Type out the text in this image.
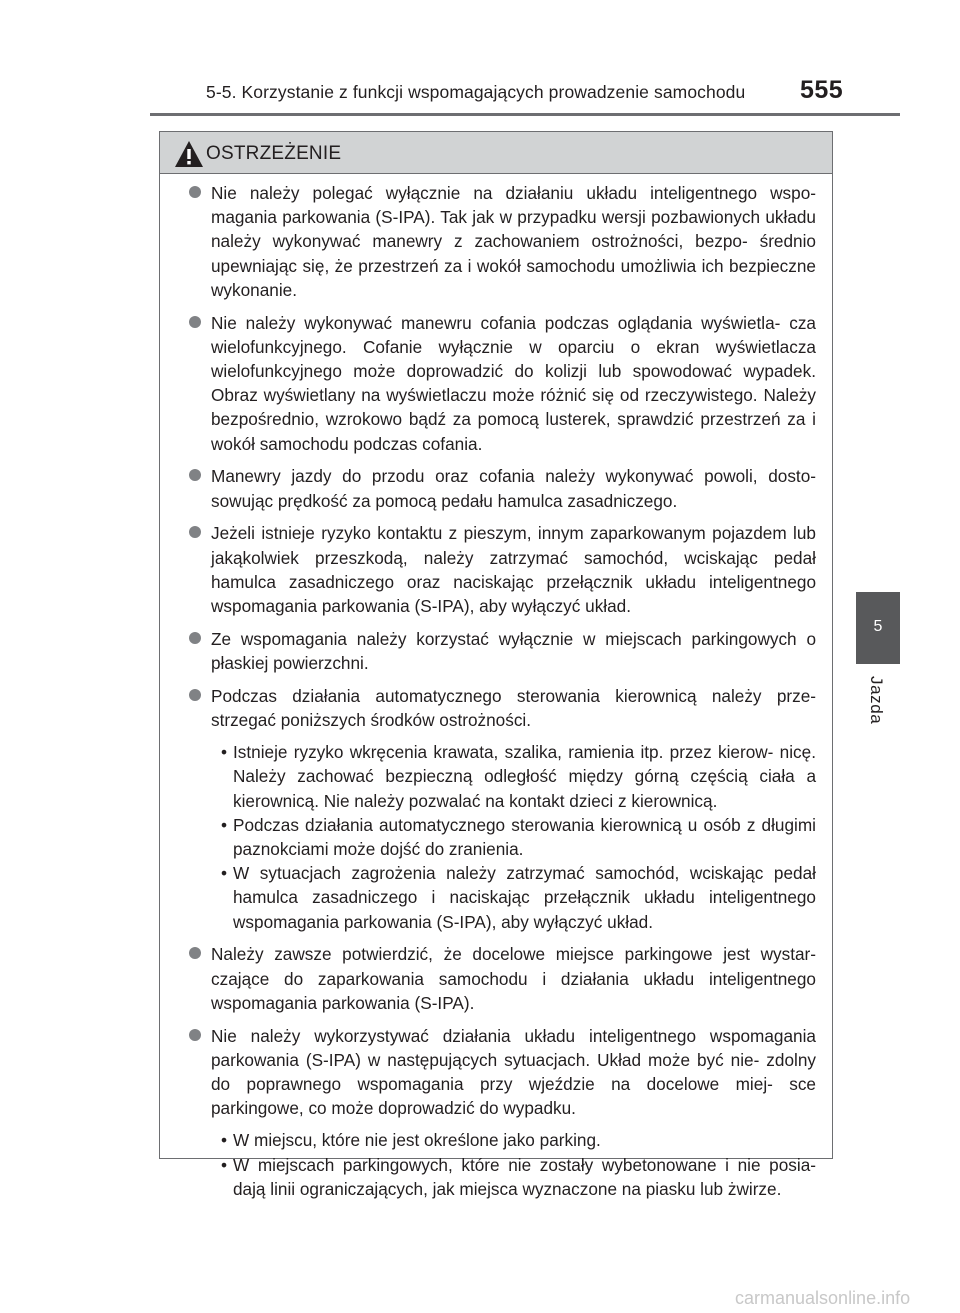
5-5. Korzystanie z funkcji wspomagających prowadzenie samochodu 555
OSTRZEŻENIE
Nie należy polegać wyłącznie na działaniu układu inteligentnego wspo- magania parkowania (S-IPA). Tak jak w przypadku wersji pozbawionych układu należy wykonywać manewry z zachowaniem ostrożności, bezpo- średnio upewniając się, że przestrzeń za i wokół samochodu umożliwia ich bezpieczne wykonanie.
Nie należy wykonywać manewru cofania podczas oglądania wyświetla- cza wielofunkcyjnego. Cofanie wyłącznie w oparciu o ekran wyświetlacza wielofunkcyjnego może doprowadzić do kolizji lub spowodować wypadek. Obraz wyświetlany na wyświetlaczu może różnić się od rzeczywistego. Należy bezpośrednio, wzrokowo bądź za pomocą lusterek, sprawdzić przestrzeń za i wokół samochodu podczas cofania.
Manewry jazdy do przodu oraz cofania należy wykonywać powoli, dosto- sowując prędkość za pomocą pedału hamulca zasadniczego.
Jeżeli istnieje ryzyko kontaktu z pieszym, innym zaparkowanym pojazdem lub jakąkolwiek przeszkodą, należy zatrzymać samochód, wciskając pedał hamulca zasadniczego oraz naciskając przełącznik układu inteligentnego wspomagania parkowania (S-IPA), aby wyłączyć układ.
Ze wspomagania należy korzystać wyłącznie w miejscach parkingowych o płaskiej powierzchni.
Podczas działania automatycznego sterowania kierownicą należy prze- strzegać poniższych środków ostrożności.
• Istnieje ryzyko wkręcenia krawata, szalika, ramienia itp. przez kierow- nicę. Należy zachować bezpieczną odległość między górną częścią ciała a kierownicą. Nie należy pozwalać na kontakt dzieci z kierownicą.
• Podczas działania automatycznego sterowania kierownicą u osób z długimi paznokciami może dojść do zranienia.
• W sytuacjach zagrożenia należy zatrzymać samochód, wciskając pedał hamulca zasadniczego i naciskając przełącznik układu inteligentnego wspomagania parkowania (S-IPA), aby wyłączyć układ.
Należy zawsze potwierdzić, że docelowe miejsce parkingowe jest wystar- czające do zaparkowania samochodu i działania układu inteligentnego wspomagania parkowania (S-IPA).
Nie należy wykorzystywać działania układu inteligentnego wspomagania parkowania (S-IPA) w następujących sytuacjach. Układ może być nie- zdolny do poprawnego wspomagania przy wjeździe na docelowe miej- sce parkingowe, co może doprowadzić do wypadku.
• W miejscu, które nie jest określone jako parking.
• W miejscach parkingowych, które nie zostały wybetonowane i nie posia- dają linii ograniczających, jak miejsca wyznaczone na piasku lub żwirze.
5
Jazda
carmanualsonline.info
